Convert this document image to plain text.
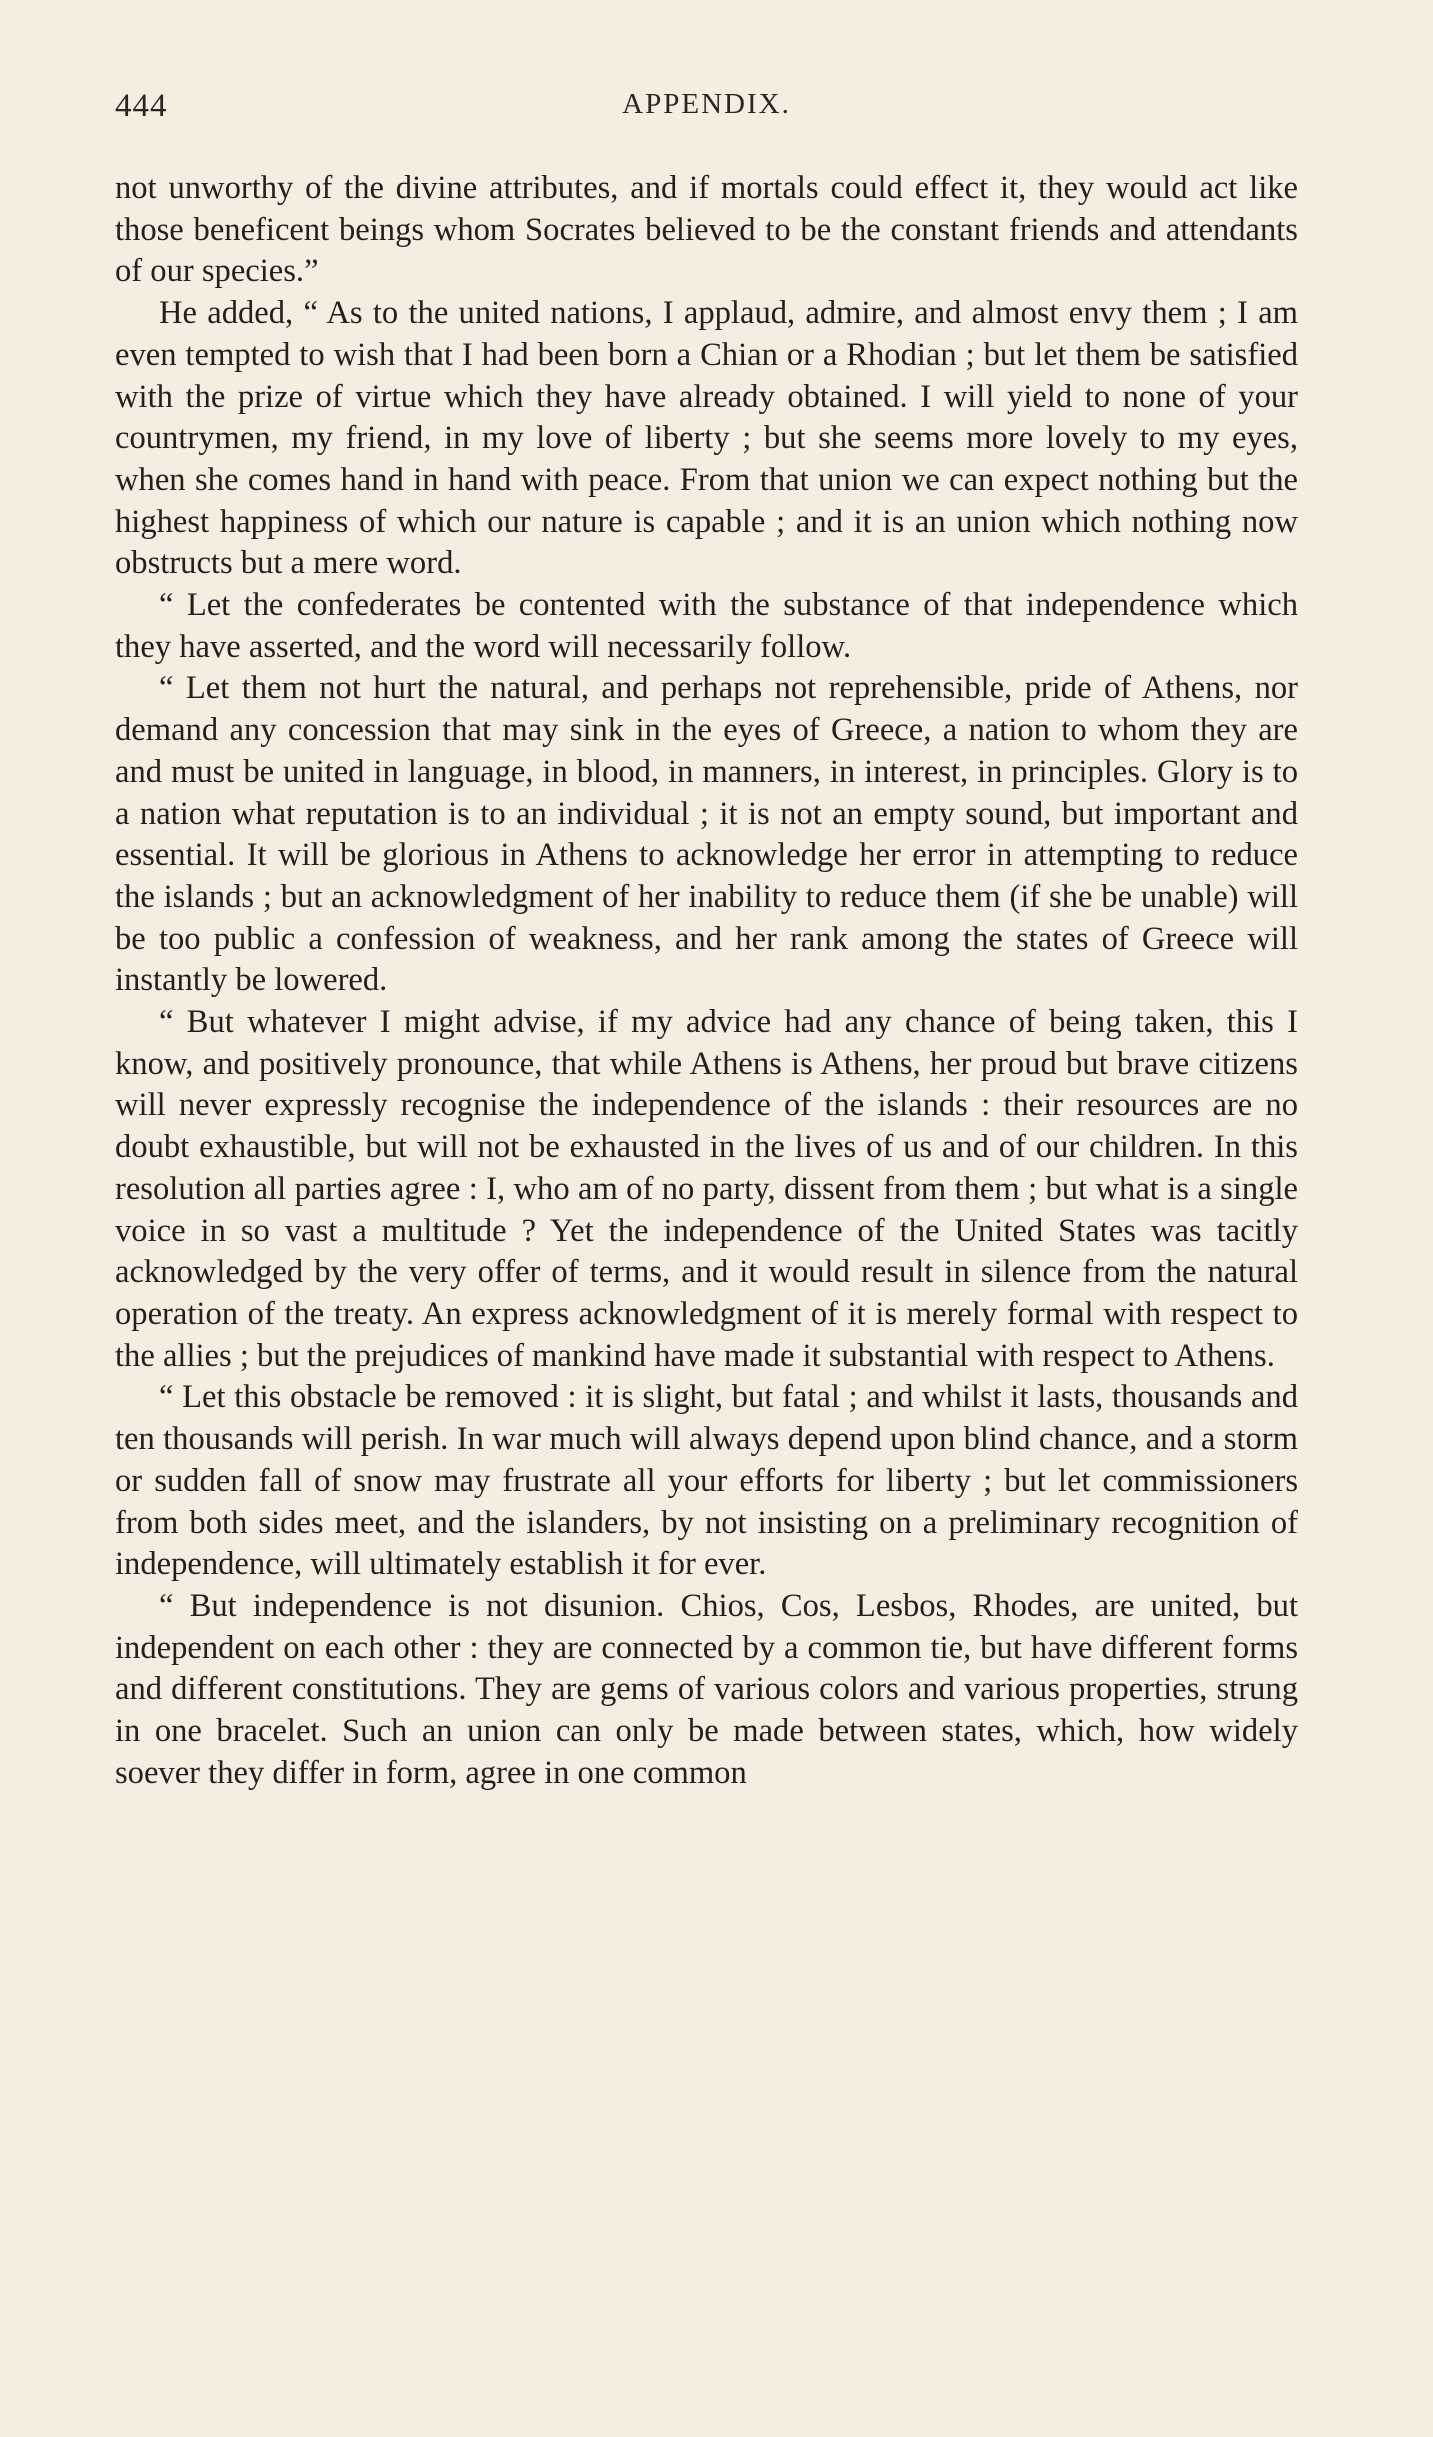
444	APPENDIX.

not unworthy of the divine attributes, and if mortals could effect it, they would act like those beneficent beings whom Socrates believed to be the constant friends and attendants of our species.”

He added, “ As to the united nations, I applaud, admire, and almost envy them ; I am even tempted to wish that I had been born a Chian or a Rhodian ; but let them be satisfied with the prize of virtue which they have already obtained. I will yield to none of your countrymen, my friend, in my love of liberty ; but she seems more lovely to my eyes, when she comes hand in hand with peace. From that union we can expect nothing but the highest happiness of which our nature is capable ; and it is an union which nothing now obstructs but a mere word.

“ Let the confederates be contented with the substance of that independence which they have asserted, and the word will necessarily follow.

“ Let them not hurt the natural, and perhaps not reprehensible, pride of Athens, nor demand any concession that may sink in the eyes of Greece, a nation to whom they are and must be united in language, in blood, in manners, in interest, in principles. Glory is to a nation what reputation is to an individual ; it is not an empty sound, but important and essential. It will be glorious in Athens to acknowledge her error in attempting to reduce the islands ; but an acknowledgment of her inability to reduce them (if she be unable) will be too public a confession of weakness, and her rank among the states of Greece will instantly be lowered.

“ But whatever I might advise, if my advice had any chance of being taken, this I know, and positively pronounce, that while Athens is Athens, her proud but brave citizens will never expressly recognise the independence of the islands : their resources are no doubt exhaustible, but will not be exhausted in the lives of us and of our children. In this resolution all parties agree : I, who am of no party, dissent from them ; but what is a single voice in so vast a multitude ? Yet the independence of the United States was tacitly acknowledged by the very offer of terms, and it would result in silence from the natural operation of the treaty. An express acknowledgment of it is merely formal with respect to the allies ; but the prejudices of mankind have made it substantial with respect to Athens.

“ Let this obstacle be removed : it is slight, but fatal ; and whilst it lasts, thousands and ten thousands will perish. In war much will always depend upon blind chance, and a storm or sudden fall of snow may frustrate all your efforts for liberty ; but let commissioners from both sides meet, and the islanders, by not insisting on a preliminary recognition of independence, will ultimately establish it for ever.

“ But independence is not disunion. Chios, Cos, Lesbos, Rhodes, are united, but independent on each other : they are connected by a common tie, but have different forms and different constitutions. They are gems of various colors and various properties, strung in one bracelet. Such an union can only be made between states, which, how widely soever they differ in form, agree in one common
